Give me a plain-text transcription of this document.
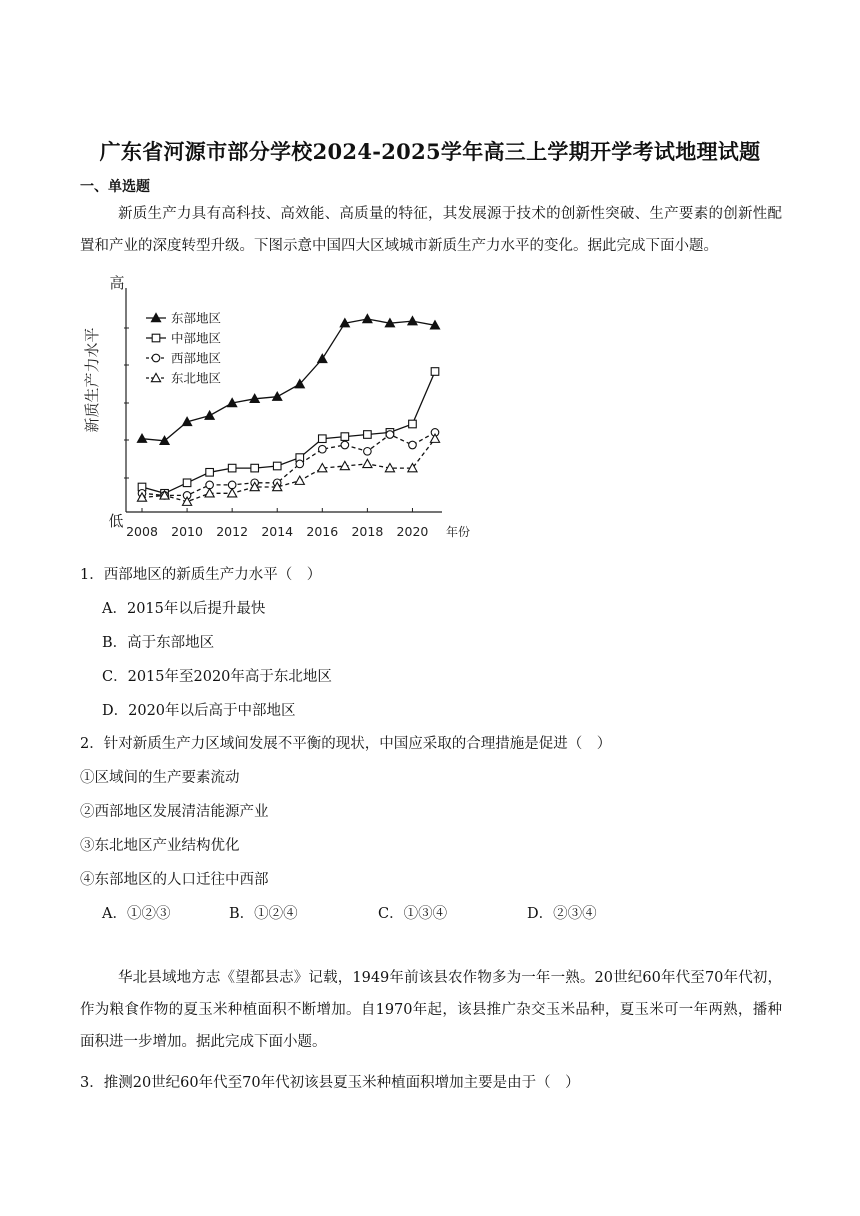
广东省河源市部分学校2024-2025学年高三上学期开学考试地理试题
一、单选题
新质生产力具有高科技、高效能、高质量的特征，其发展源于技术的创新性突破、生产要素的创新性配置和产业的深度转型升级。下图示意中国四大区域城市新质生产力水平的变化。据此完成下面小题。
高
低
新质生产力水平
2008 2010 2012 2014 2016 2018 2020 年份
东部地区
中部地区
西部地区
东北地区
1．西部地区的新质生产力水平（　）
A．2015年以后提升最快
B．高于东部地区
C．2015年至2020年高于东北地区
D．2020年以后高于中部地区
2．针对新质生产力区域间发展不平衡的现状，中国应采取的合理措施是促进（　）
①区域间的生产要素流动
②西部地区发展清洁能源产业
③东北地区产业结构优化
④东部地区的人口迁往中西部
A．①②③	B．①②④	C．①③④	D．②③④
华北县域地方志《望都县志》记载，1949年前该县农作物多为一年一熟。20世纪60年代至70年代初，作为粮食作物的夏玉米种植面积不断增加。自1970年起，该县推广杂交玉米品种，夏玉米可一年两熟，播种面积进一步增加。据此完成下面小题。
3．推测20世纪60年代至70年代初该县夏玉米种植面积增加主要是由于（　）
